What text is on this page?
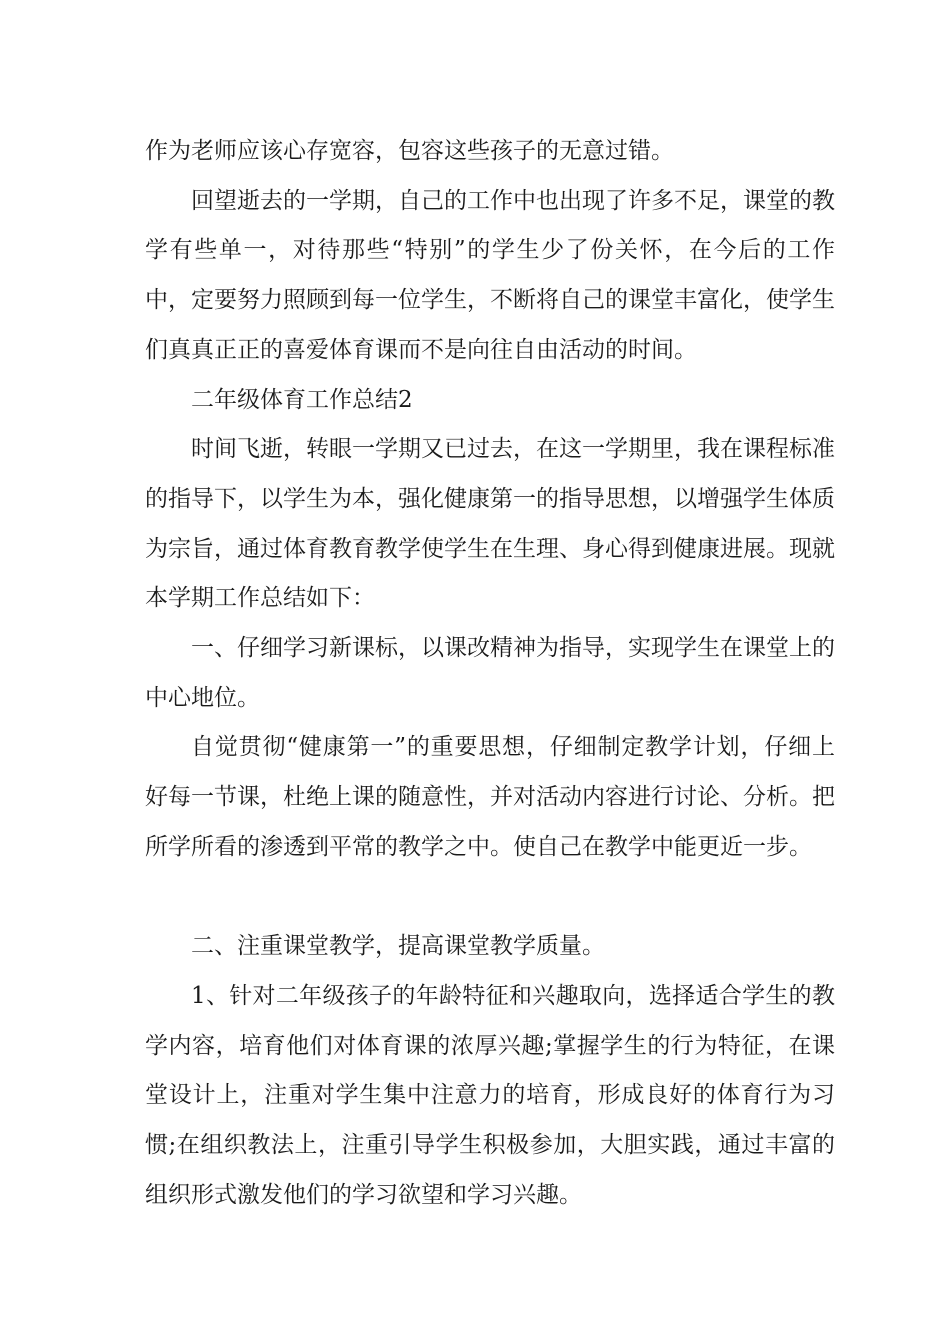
作为老师应该心存宽容，包容这些孩子的无意过错。

回望逝去的一学期，自己的工作中也出现了许多不足，课堂的教学有些单一，对待那些“特别”的学生少了份关怀，在今后的工作中，定要努力照顾到每一位学生，不断将自己的课堂丰富化，使学生们真真正正的喜爱体育课而不是向往自由活动的时间。

二年级体育工作总结2

时间飞逝，转眼一学期又已过去，在这一学期里，我在课程标准的指导下，以学生为本，强化健康第一的指导思想，以增强学生体质为宗旨，通过体育教育教学使学生在生理、身心得到健康进展。现就本学期工作总结如下：

一、仔细学习新课标，以课改精神为指导，实现学生在课堂上的中心地位。

自觉贯彻“健康第一”的重要思想，仔细制定教学计划，仔细上好每一节课，杜绝上课的随意性，并对活动内容进行讨论、分析。把所学所看的渗透到平常的教学之中。使自己在教学中能更近一步。

二、注重课堂教学，提高课堂教学质量。

1、针对二年级孩子的年龄特征和兴趣取向，选择适合学生的教学内容，培育他们对体育课的浓厚兴趣;掌握学生的行为特征，在课堂设计上，注重对学生集中注意力的培育，形成良好的体育行为习惯;在组织教法上，注重引导学生积极参加，大胆实践，通过丰富的组织形式激发他们的学习欲望和学习兴趣。
